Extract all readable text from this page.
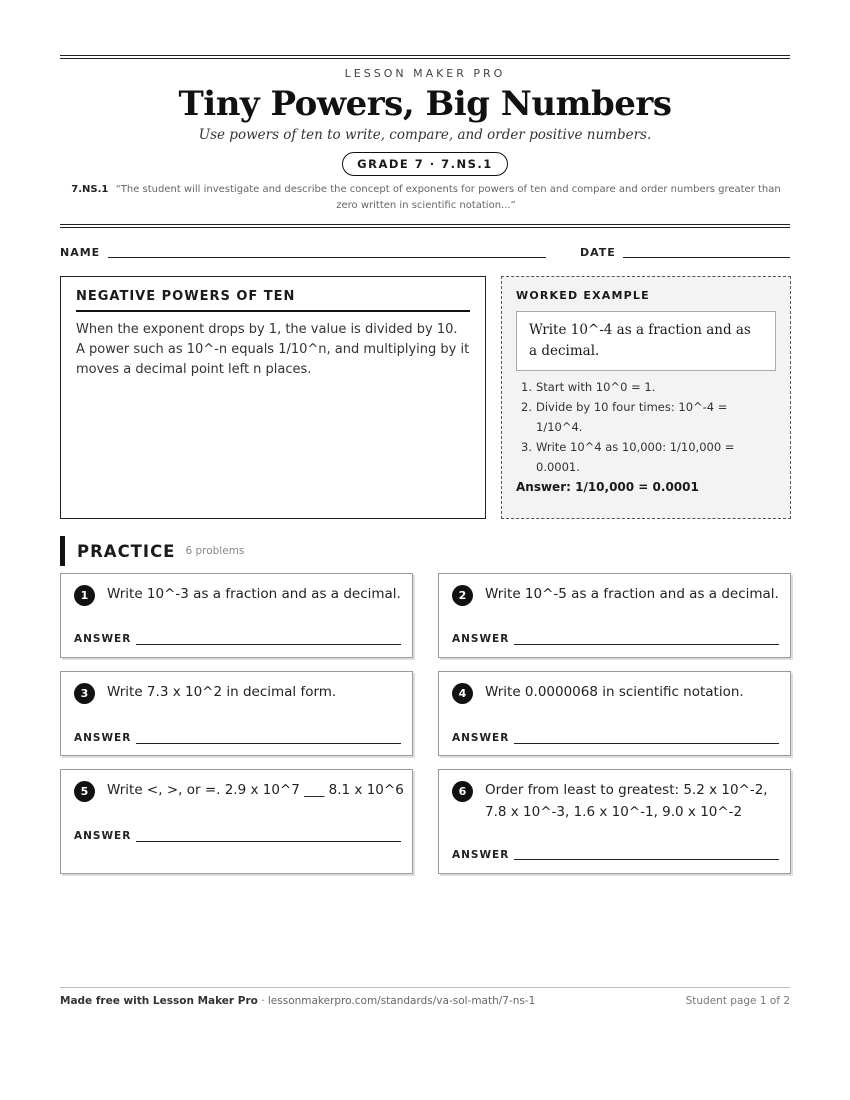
LESSON MAKER PRO
Tiny Powers, Big Numbers
Use powers of ten to write, compare, and order positive numbers.
GRADE 7 · 7.NS.1
7.NS.1 “The student will investigate and describe the concept of exponents for powers of ten and compare and order numbers greater than zero written in scientific notation...”
NAME	DATE
NEGATIVE POWERS OF TEN
When the exponent drops by 1, the value is divided by 10. A power such as 10^-n equals 1/10^n, and multiplying by it moves a decimal point left n places.
WORKED EXAMPLE
Write 10^-4 as a fraction and as a decimal.
1. Start with 10^0 = 1.
2. Divide by 10 four times: 10^-4 = 1/10^4.
3. Write 10^4 as 10,000: 1/10,000 = 0.0001.
Answer: 1/10,000 = 0.0001
PRACTICE 6 problems
1	Write 10^-3 as a fraction and as a decimal.
ANSWER
2	Write 10^-5 as a fraction and as a decimal.
ANSWER
3	Write 7.3 x 10^2 in decimal form.
ANSWER
4	Write 0.0000068 in scientific notation.
ANSWER
5	Write <, >, or =. 2.9 x 10^7 ___ 8.1 x 10^6
ANSWER
6	Order from least to greatest: 5.2 x 10^-2, 7.8 x 10^-3, 1.6 x 10^-1, 9.0 x 10^-2
ANSWER
Made free with Lesson Maker Pro · lessonmakerpro.com/standards/va-sol-math/7-ns-1	Student page 1 of 2
